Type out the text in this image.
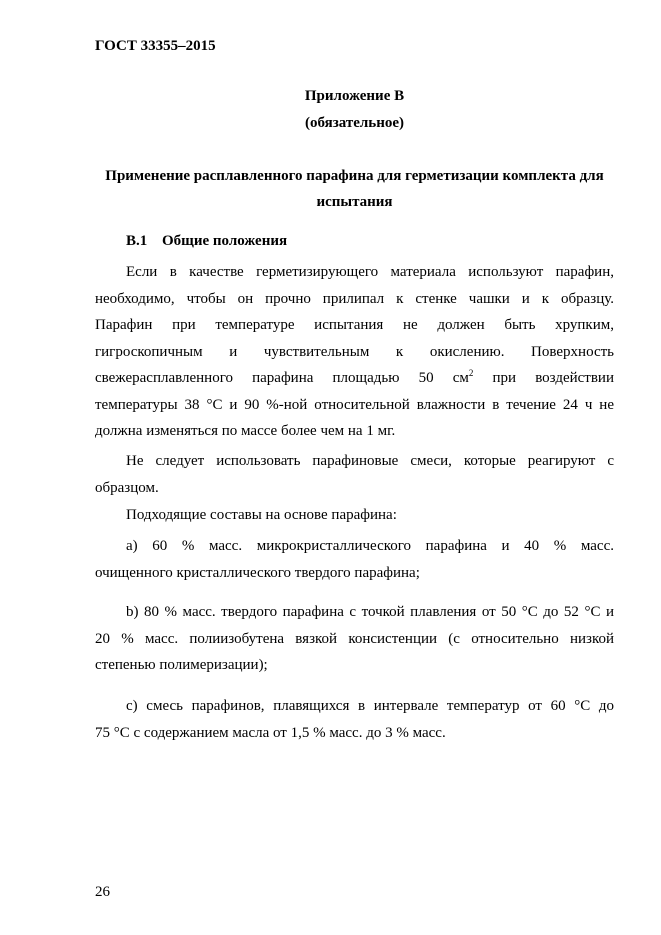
ГОСТ 33355–2015
Приложение В
(обязательное)
Применение расплавленного парафина для герметизации комплекта для
испытания
В.1 Общие положения
Если в качестве герметизирующего материала используют парафин,
необходимо, чтобы он прочно прилипал к стенке чашки и к образцу.
Парафин при температуре испытания не должен быть хрупким,
гигроскопичным и чувствительным к окислению. Поверхность
свежерасплавленного парафина площадью 50 $см^2$ при воздействии
температуры 38 °С и 90 %-ной относительной влажности в течение 24 ч не
должна изменяться по массе более чем на 1 мг.
Не следует использовать парафиновые смеси, которые реагируют с
образцом.
Подходящие составы на основе парафина:
а) 60 % масс. микрокристаллического парафина и 40 % масс.
очищенного кристаллического твердого парафина;
b) 80 % масс. твердого парафина с точкой плавления от 50 °С до 52 °С и
20 % масс. полиизобутена вязкой консистенции (с относительно низкой
степенью полимеризации);
с) смесь парафинов, плавящихся в интервале температур от 60 °С до
75 °С с содержанием масла от 1,5 % масс. до 3 % масс.
26
